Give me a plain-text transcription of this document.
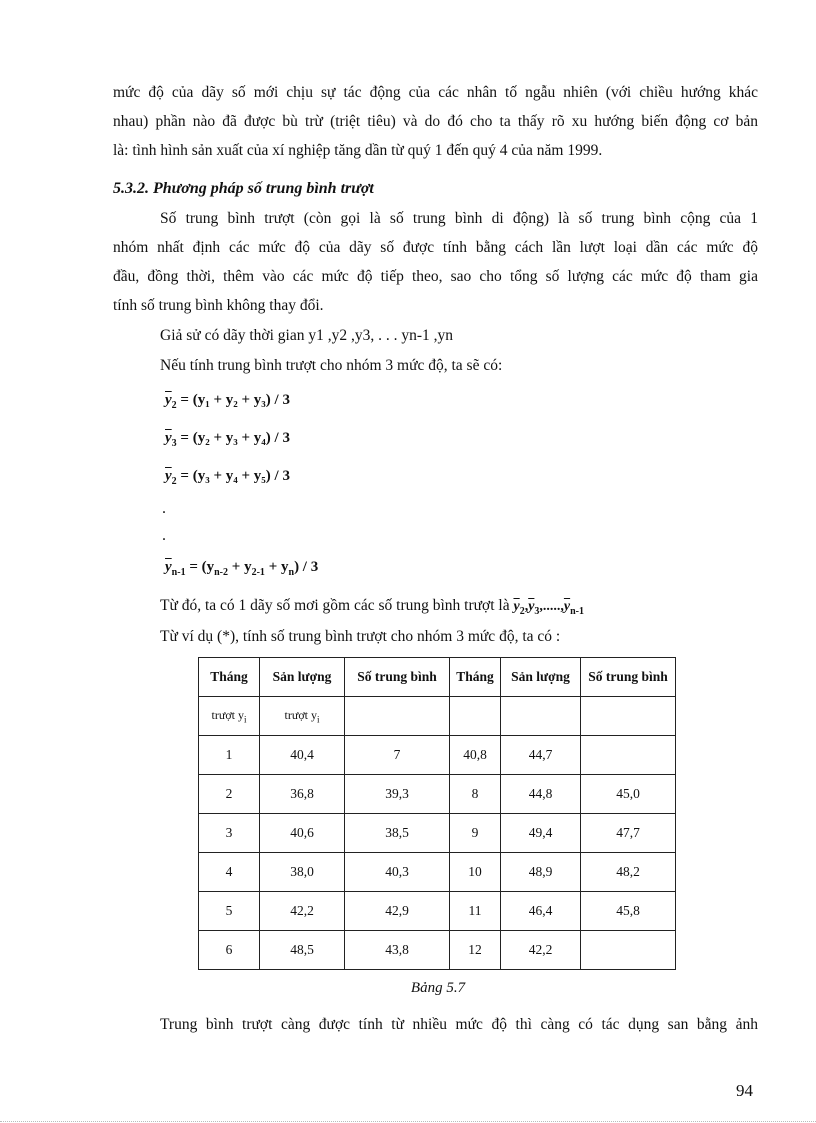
mức độ của dãy số mới chịu sự tác động của các nhân tố ngẫu nhiên (với chiều hướng khác
nhau) phần nào đã được bù trừ (triệt tiêu) và do đó cho ta thấy rõ xu hướng biến động cơ bản
là: tình hình sản xuất của xí nghiệp tăng dần từ quý 1 đến quý 4 của năm 1999.
5.3.2. Phương pháp số trung bình trượt
Số trung bình trượt (còn gọi là số trung bình di động) là số trung bình cộng của 1
nhóm nhất định các mức độ của dãy số được tính bằng cách lần lượt loại dần các mức độ
đầu, đồng thời, thêm vào các mức độ tiếp theo, sao cho tổng số lượng các mức độ tham gia
tính số trung bình không thay đổi.
Giả sử có dãy thời gian y1 ,y2 ,y3, . . . yn-1 ,yn
Nếu tính trung bình trượt cho nhóm 3 mức độ, ta sẽ có:
$\overline{y}_2 = (y_1 + y_2 + y_3) / 3$
$\overline{y}_3 = (y_2 + y_3 + y_4) / 3$
$\overline{y}_2 = (y_3 + y_4 + y_5) / 3$
.
.
$\overline{y}_{n-1} = (y_{n-2} + y_{2-1} + y_n) / 3$
Từ đó, ta có 1 dãy số mơi gồm các số trung bình trượt là $\overline{y}_2,\overline{y}_3,.....,\overline{y}_{n-1}$
Từ ví dụ (*), tính số trung bình trượt cho nhóm 3 mức độ, ta có :
Tháng	Sản lượng	Số trung bình	Tháng	Sản lượng	Số trung bình
trượt $y_i$	trượt $y_i$				
1	40,4	7	40,8	44,7	
2	36,8	39,3	8	44,8	45,0
3	40,6	38,5	9	49,4	47,7
4	38,0	40,3	10	48,9	48,2
5	42,2	42,9	11	46,4	45,8
6	48,5	43,8	12	42,2	
Bảng 5.7
Trung bình trượt càng được tính từ nhiều mức độ thì càng có tác dụng san bằng ảnh
94
